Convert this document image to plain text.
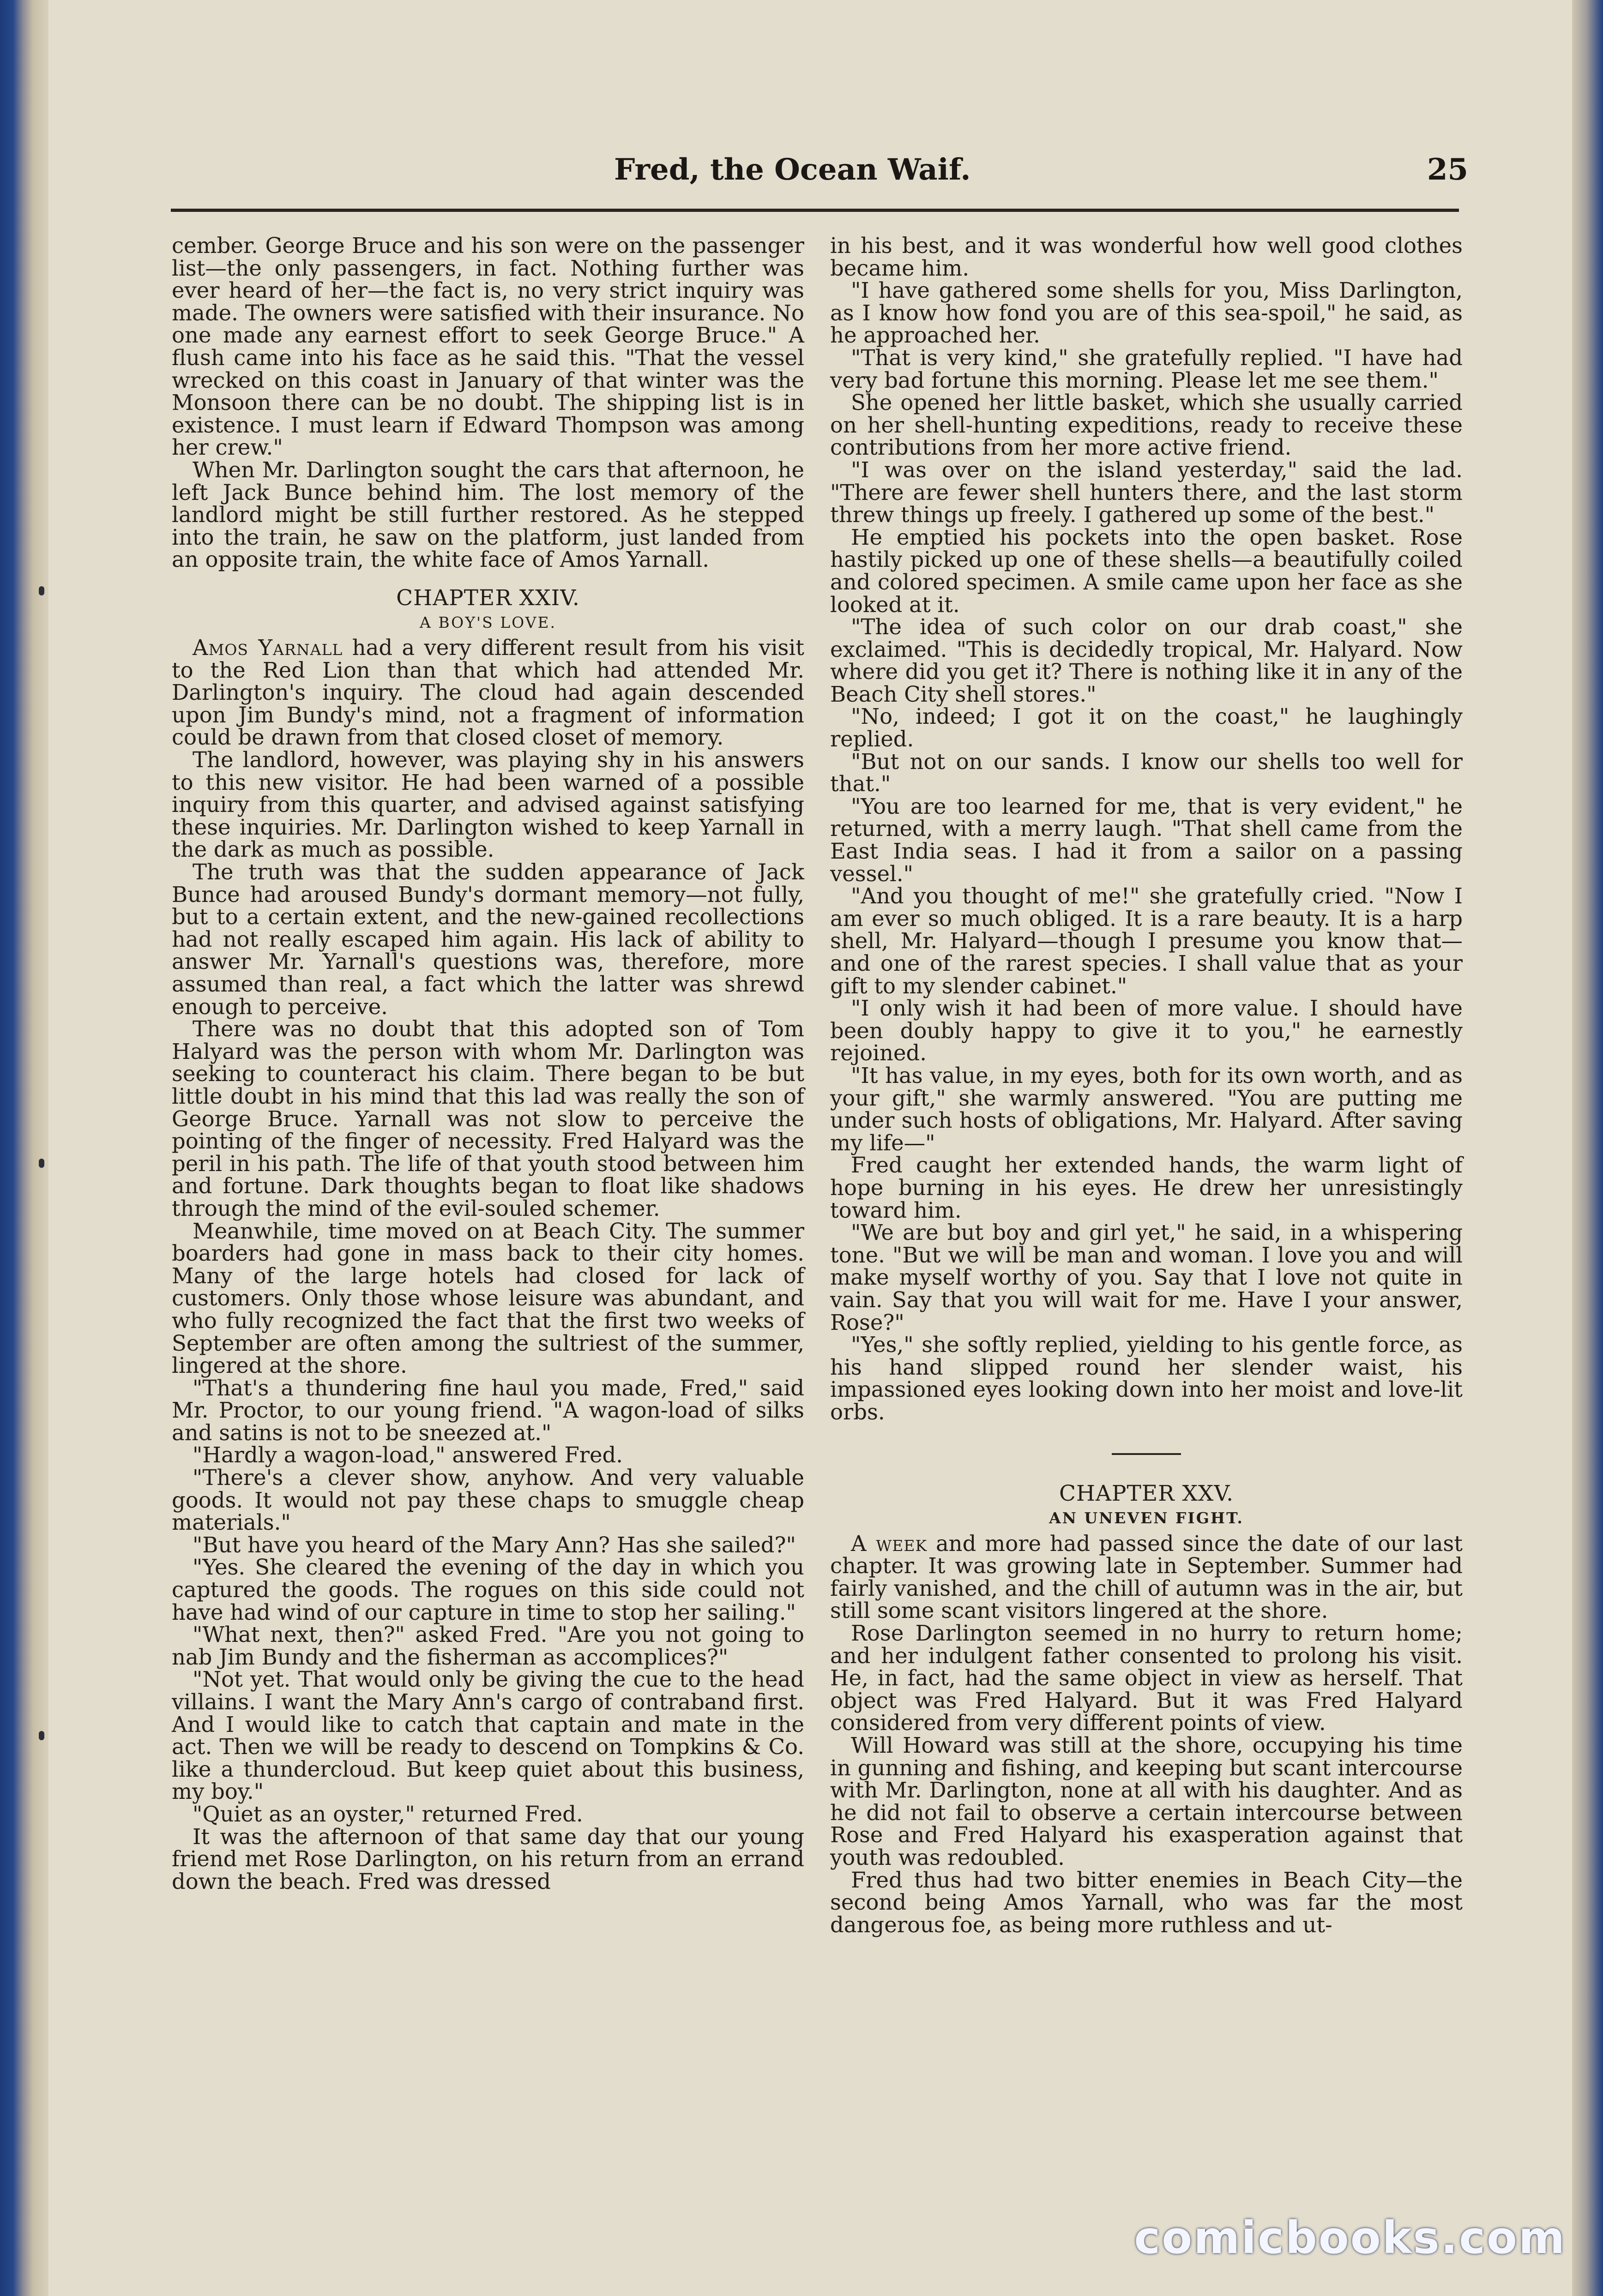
Fred, the Ocean Waif.	25

cember. George Bruce and his son were on the passenger list—the only passengers, in fact. Nothing further was ever heard of her—the fact is, no very strict inquiry was made. The owners were satisfied with their insurance. No one made any earnest effort to seek George Bruce." A flush came into his face as he said this. "That the vessel wrecked on this coast in January of that winter was the Monsoon there can be no doubt. The shipping list is in existence. I must learn if Edward Thompson was among her crew."

When Mr. Darlington sought the cars that afternoon, he left Jack Bunce behind him. The lost memory of the landlord might be still further restored. As he stepped into the train, he saw on the platform, just landed from an opposite train, the white face of Amos Yarnall.

CHAPTER XXIV.
A BOY'S LOVE.

Amos Yarnall had a very different result from his visit to the Red Lion than that which had attended Mr. Darlington's inquiry. The cloud had again descended upon Jim Bundy's mind, not a fragment of information could be drawn from that closed closet of memory.

The landlord, however, was playing shy in his answers to this new visitor. He had been warned of a possible inquiry from this quarter, and advised against satisfying these inquiries. Mr. Darlington wished to keep Yarnall in the dark as much as possible.

The truth was that the sudden appearance of Jack Bunce had aroused Bundy's dormant memory—not fully, but to a certain extent, and the new-gained recollections had not really escaped him again. His lack of ability to answer Mr. Yarnall's questions was, therefore, more assumed than real, a fact which the latter was shrewd enough to perceive.

There was no doubt that this adopted son of Tom Halyard was the person with whom Mr. Darlington was seeking to counteract his claim. There began to be but little doubt in his mind that this lad was really the son of George Bruce. Yarnall was not slow to perceive the pointing of the finger of necessity. Fred Halyard was the peril in his path. The life of that youth stood between him and fortune. Dark thoughts began to float like shadows through the mind of the evil-souled schemer.

Meanwhile, time moved on at Beach City. The summer boarders had gone in mass back to their city homes. Many of the large hotels had closed for lack of customers. Only those whose leisure was abundant, and who fully recognized the fact that the first two weeks of September are often among the sultriest of the summer, lingered at the shore.

"That's a thundering fine haul you made, Fred," said Mr. Proctor, to our young friend. "A wagon-load of silks and satins is not to be sneezed at."

"Hardly a wagon-load," answered Fred.

"There's a clever show, anyhow. And very valuable goods. It would not pay these chaps to smuggle cheap materials."

"But have you heard of the Mary Ann? Has she sailed?"

"Yes. She cleared the evening of the day in which you captured the goods. The rogues on this side could not have had wind of our capture in time to stop her sailing."

"What next, then?" asked Fred. "Are you not going to nab Jim Bundy and the fisherman as accomplices?"

"Not yet. That would only be giving the cue to the head villains. I want the Mary Ann's cargo of contraband first. And I would like to catch that captain and mate in the act. Then we will be ready to descend on Tompkins & Co. like a thundercloud. But keep quiet about this business, my boy."

"Quiet as an oyster," returned Fred.

It was the afternoon of that same day that our young friend met Rose Darlington, on his return from an errand down the beach. Fred was dressed

in his best, and it was wonderful how well good clothes became him.

"I have gathered some shells for you, Miss Darlington, as I know how fond you are of this sea-spoil," he said, as he approached her.

"That is very kind," she gratefully replied. "I have had very bad fortune this morning. Please let me see them."

She opened her little basket, which she usually carried on her shell-hunting expeditions, ready to receive these contributions from her more active friend.

"I was over on the island yesterday," said the lad. "There are fewer shell hunters there, and the last storm threw things up freely. I gathered up some of the best."

He emptied his pockets into the open basket. Rose hastily picked up one of these shells—a beautifully coiled and colored specimen. A smile came upon her face as she looked at it.

"The idea of such color on our drab coast," she exclaimed. "This is decidedly tropical, Mr. Halyard. Now where did you get it? There is nothing like it in any of the Beach City shell stores."

"No, indeed; I got it on the coast," he laughingly replied.

"But not on our sands. I know our shells too well for that."

"You are too learned for me, that is very evident," he returned, with a merry laugh. "That shell came from the East India seas. I had it from a sailor on a passing vessel."

"And you thought of me!" she gratefully cried. "Now I am ever so much obliged. It is a rare beauty. It is a harp shell, Mr. Halyard—though I presume you know that—and one of the rarest species. I shall value that as your gift to my slender cabinet."

"I only wish it had been of more value. I should have been doubly happy to give it to you," he earnestly rejoined.

"It has value, in my eyes, both for its own worth, and as your gift," she warmly answered. "You are putting me under such hosts of obligations, Mr. Halyard. After saving my life—"

Fred caught her extended hands, the warm light of hope burning in his eyes. He drew her unresistingly toward him.

"We are but boy and girl yet," he said, in a whispering tone. "But we will be man and woman. I love you and will make myself worthy of you. Say that I love not quite in vain. Say that you will wait for me. Have I your answer, Rose?"

"Yes," she softly replied, yielding to his gentle force, as his hand slipped round her slender waist, his impassioned eyes looking down into her moist and love-lit orbs.

CHAPTER XXV.
AN UNEVEN FIGHT.

A week and more had passed since the date of our last chapter. It was growing late in September. Summer had fairly vanished, and the chill of autumn was in the air, but still some scant visitors lingered at the shore.

Rose Darlington seemed in no hurry to return home; and her indulgent father consented to prolong his visit. He, in fact, had the same object in view as herself. That object was Fred Halyard. But it was Fred Halyard considered from very different points of view.

Will Howard was still at the shore, occupying his time in gunning and fishing, and keeping but scant intercourse with Mr. Darlington, none at all with his daughter. And as he did not fail to observe a certain intercourse between Rose and Fred Halyard his exasperation against that youth was redoubled.

Fred thus had two bitter enemies in Beach City—the second being Amos Yarnall, who was far the most dangerous foe, as being more ruthless and ut-

comicbooks.com
